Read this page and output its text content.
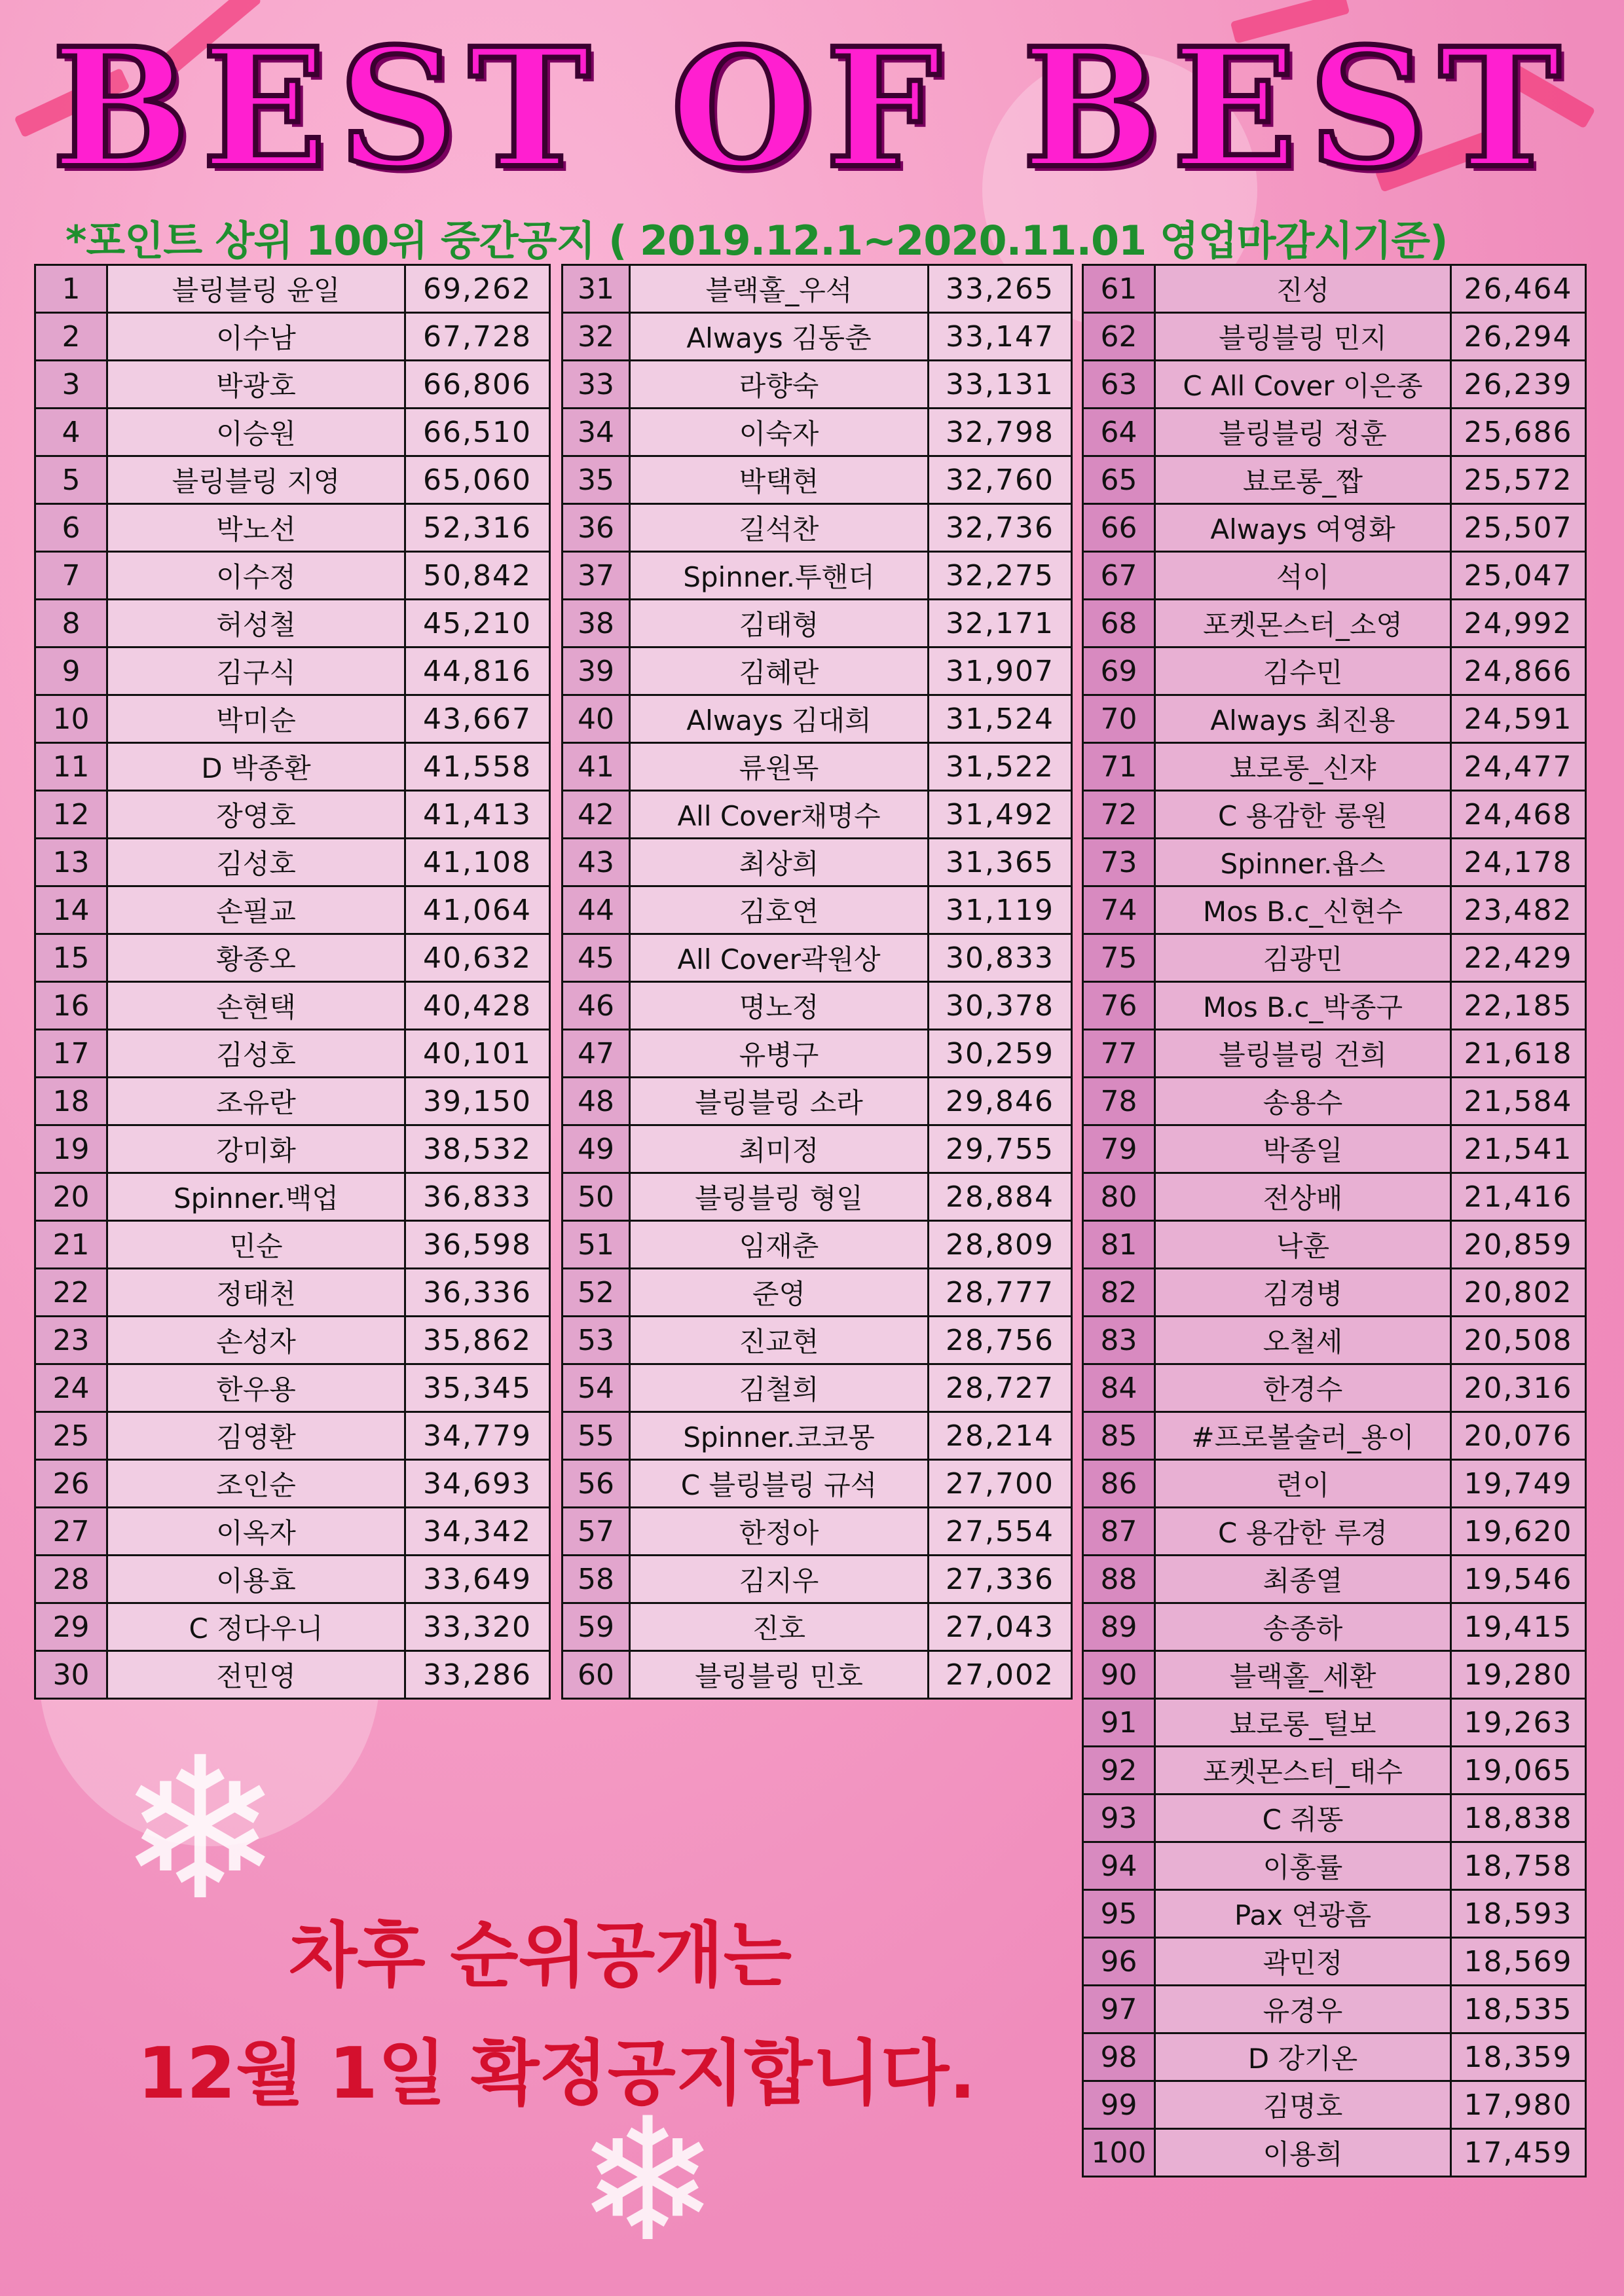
❄
❄
BEST OF BEST
*포인트 상위 100위 중간공지 ( 2019.12.1~2020.11.01 영업마감시기준)
1	블링블링 윤일	69,262
2	이수남	67,728
3	박광호	66,806
4	이승원	66,510
5	블링블링 지영	65,060
6	박노선	52,316
7	이수정	50,842
8	허성철	45,210
9	김구식	44,816
10	박미순	43,667
11	D 박종환	41,558
12	장영호	41,413
13	김성호	41,108
14	손필교	41,064
15	황종오	40,632
16	손현택	40,428
17	김성호	40,101
18	조유란	39,150
19	강미화	38,532
20	Spinner.백업	36,833
21	민순	36,598
22	정태천	36,336
23	손성자	35,862
24	한우용	35,345
25	김영환	34,779
26	조인순	34,693
27	이옥자	34,342
28	이용효	33,649
29	C 정다우니	33,320
30	전민영	33,286
31	블랙홀_우석	33,265
32	Always 김동춘	33,147
33	라향숙	33,131
34	이숙자	32,798
35	박택현	32,760
36	길석찬	32,736
37	Spinner.투핸더	32,275
38	김태형	32,171
39	김혜란	31,907
40	Always 김대희	31,524
41	류원목	31,522
42	All Cover채명수	31,492
43	최상희	31,365
44	김호연	31,119
45	All Cover곽원상	30,833
46	명노정	30,378
47	유병구	30,259
48	블링블링 소라	29,846
49	최미정	29,755
50	블링블링 형일	28,884
51	임재춘	28,809
52	준영	28,777
53	진교현	28,756
54	김철희	28,727
55	Spinner.코코몽	28,214
56	C 블링블링 규석	27,700
57	한정아	27,554
58	김지우	27,336
59	진호	27,043
60	블링블링 민호	27,002
61	진성	26,464
62	블링블링 민지	26,294
63	C All Cover 이은종	26,239
64	블링블링 정훈	25,686
65	뵤로롱_짭	25,572
66	Always 여영화	25,507
67	석이	25,047
68	포켓몬스터_소영	24,992
69	김수민	24,866
70	Always 최진용	24,591
71	뵤로롱_신쟈	24,477
72	C 용감한 롱원	24,468
73	Spinner.욥스	24,178
74	Mos B.c_신현수	23,482
75	김광민	22,429
76	Mos B.c_박종구	22,185
77	블링블링 건희	21,618
78	송용수	21,584
79	박종일	21,541
80	전상배	21,416
81	낙훈	20,859
82	김경병	20,802
83	오철세	20,508
84	한경수	20,316
85	#프로볼술러_용이	20,076
86	련이	19,749
87	C 용감한 루경	19,620
88	최종열	19,546
89	송종하	19,415
90	블랙홀_세환	19,280
91	뵤로롱_털보	19,263
92	포켓몬스터_태수	19,065
93	C 쥐똥	18,838
94	이홍률	18,758
95	Pax 연광흠	18,593
96	곽민정	18,569
97	유경우	18,535
98	D 강기온	18,359
99	김명호	17,980
100	이용희	17,459
차후 순위공개는
12월 1일 확정공지합니다.
